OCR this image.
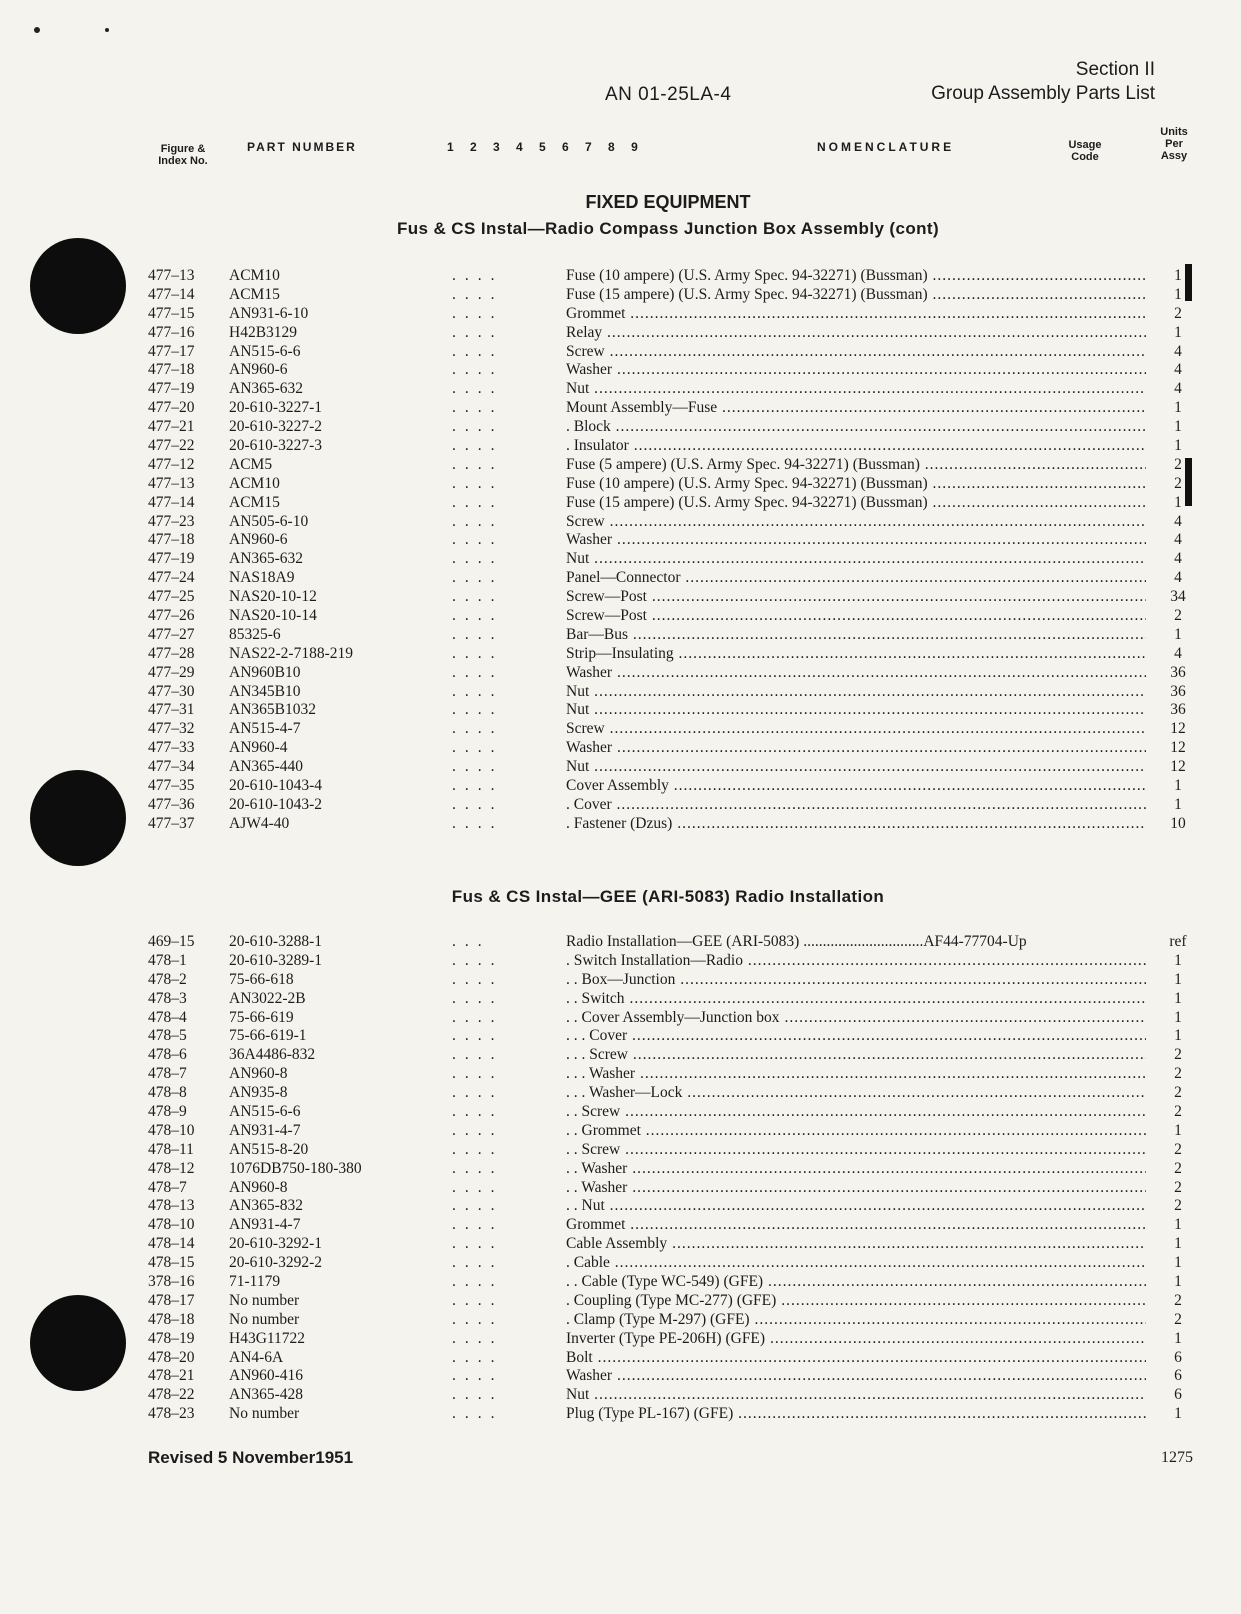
AN 01-25LA-4
Section II
Group Assembly Parts List
Figure &
Index No.
PART NUMBER	1 2 3 4 5 6 7 8 9	NOMENCLATURE	Usage
Code
Units
Per
Assy
FIXED EQUIPMENT
Fus & CS Instal—Radio Compass Junction Box Assembly (cont)
Fus & CS Instal—GEE (ARI-5083) Radio Installation
477–13 ACM10	....	Fuse (10 ampere) (U.S. Army Spec. 94-32271) (Bussman) .....	1
477–14 ACM15	....	Fuse (15 ampere) (U.S. Army Spec. 94-32271) (Bussman) .....	1
477–15 AN931-6-10	....	Grommet .....	2
477–16 H42B3129	....	Relay .....	1
477–17 AN515-6-6	....	Screw .....	4
477–18 AN960-6	....	Washer .....	4
477–19 AN365-632	....	Nut .....	4
477–20 20-610-3227-1	....	Mount Assembly—Fuse .....	1
477–21 20-610-3227-2	....	. Block .....	1
477–22 20-610-3227-3	....	. Insulator .....	1
477–12 ACM5	....	Fuse (5 ampere) (U.S. Army Spec. 94-32271) (Bussman) .....	2
477–13 ACM10	....	Fuse (10 ampere) (U.S. Army Spec. 94-32271) (Bussman) .....	2
477–14 ACM15	....	Fuse (15 ampere) (U.S. Army Spec. 94-32271) (Bussman) .....	1
477–23 AN505-6-10	....	Screw .....	4
477–18 AN960-6	....	Washer .....	4
477–19 AN365-632	....	Nut .....	4
477–24 NAS18A9	....	Panel—Connector .....	4
477–25 NAS20-10-12	....	Screw—Post .....	34
477–26 NAS20-10-14	....	Screw—Post .....	2
477–27 85325-6	....	Bar—Bus .....	1
477–28 NAS22-2-7188-219	....	Strip—Insulating .....	4
477–29 AN960B10	....	Washer .....	36
477–30 AN345B10	....	Nut .....	36
477–31 AN365B1032	....	Nut .....	36
477–32 AN515-4-7	....	Screw .....	12
477–33 AN960-4	....	Washer .....	12
477–34 AN365-440	....	Nut .....	12
477–35 20-610-1043-4	....	Cover Assembly .....	1
477–36 20-610-1043-2	....	. Cover .....	1
477–37 AJW4-40	....	. Fastener (Dzus) .....	10
469–15 20-610-3288-1	...	Radio Installation—GEE (ARI-5083) ...............................AF44-77704-Up	ref
478–1	20-610-3289-1	....	. Switch Installation—Radio .....	1
478–2	75-66-618	....	. . Box—Junction .....	1
478–3	AN3022-2B	....	. . Switch .....	1
478–4	75-66-619	....	. . Cover Assembly—Junction box .....	1
478–5	75-66-619-1	....	. . . Cover .....	1
478–6	36A4486-832	....	. . . Screw .....	2
478–7	AN960-8	....	. . . Washer .....	2
478–8	AN935-8	....	. . . Washer—Lock .....	2
478–9	AN515-6-6	....	. . Screw .....	2
478–10 AN931-4-7	....	. . Grommet .....	1
478–11 AN515-8-20	....	. . Screw .....	2
478–12 1076DB750-180-380	....	. . Washer .....	2
478–7	AN960-8	....	. . Washer .....	2
478–13 AN365-832	....	. . Nut .....	2
478–10 AN931-4-7	....	Grommet .....	1
478–14 20-610-3292-1	....	Cable Assembly .....	1
478–15 20-610-3292-2	....	. Cable .....	1
378–16 71-1179	....	. . Cable (Type WC-549) (GFE) .....	1
478–17 No number	....	. Coupling (Type MC-277) (GFE) .....	2
478–18 No number	....	. Clamp (Type M-297) (GFE) .....	2
478–19 H43G11722	....	Inverter (Type PE-206H) (GFE) .....	1
478–20 AN4-6A	....	Bolt .....	6
478–21 AN960-416	....	Washer .....	6
478–22 AN365-428	....	Nut .....	6
478–23 No number	....	Plug (Type PL-167) (GFE) .....	1
Revised 5 November1951	1275
